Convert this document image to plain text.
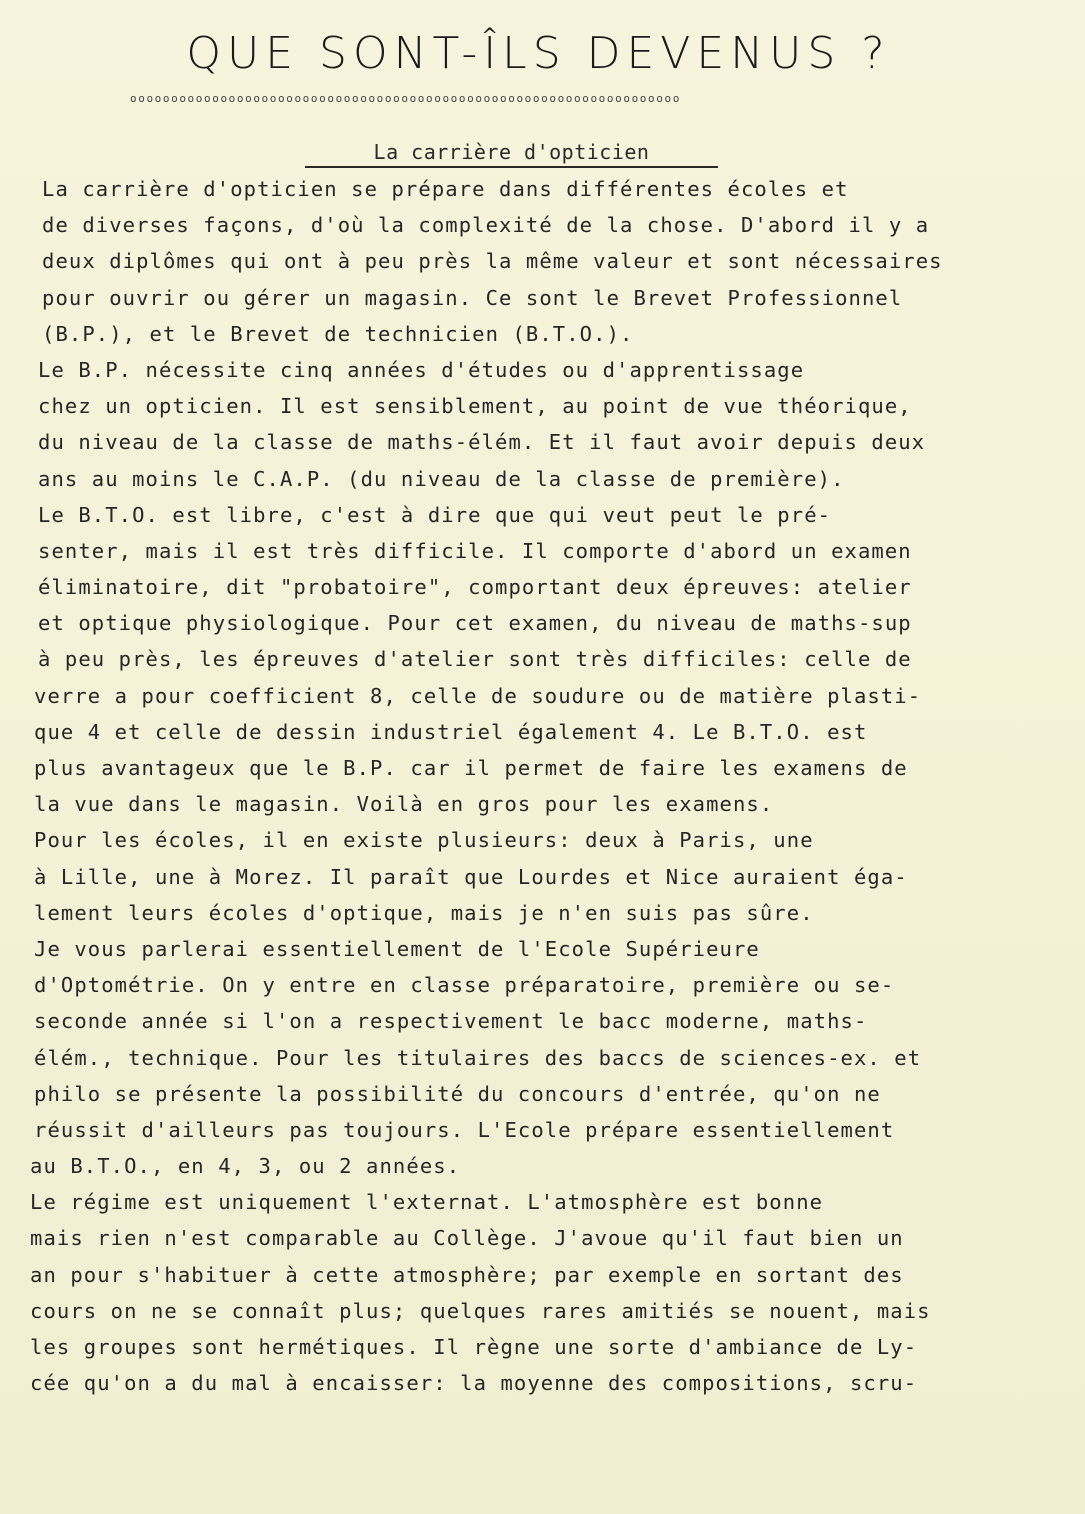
QUE SONT-ÎLS DEVENUS ?
ooooooooooooooooooooooooooooooooooooooooooooooooooooooooooooooooooo
La carrière d'opticien
La carrière d'opticien se prépare dans différentes écoles et
de diverses façons, d'où la complexité de la chose. D'abord il y a
deux diplômes qui ont à peu près la même valeur et sont nécessaires
pour ouvrir ou gérer un magasin. Ce sont le Brevet Professionnel
(B.P.), et le Brevet de technicien (B.T.O.).
Le B.P. nécessite cinq années d'études ou d'apprentissage
chez un opticien. Il est sensiblement, au point de vue théorique,
du niveau de la classe de maths-élém. Et il faut avoir depuis deux
ans au moins le C.A.P. (du niveau de la classe de première).
Le B.T.O. est libre, c'est à dire que qui veut peut le pré-
senter, mais il est très difficile. Il comporte d'abord un examen
éliminatoire, dit "probatoire", comportant deux épreuves: atelier
et optique physiologique. Pour cet examen, du niveau de maths-sup
à peu près, les épreuves d'atelier sont très difficiles: celle de
verre a pour coefficient 8, celle de soudure ou de matière plasti-
que 4 et celle de dessin industriel également 4. Le B.T.O. est
plus avantageux que le B.P. car il permet de faire les examens de
la vue dans le magasin. Voilà en gros pour les examens.
Pour les écoles, il en existe plusieurs: deux à Paris, une
à Lille, une à Morez. Il paraît que Lourdes et Nice auraient éga-
lement leurs écoles d'optique, mais je n'en suis pas sûre.
Je vous parlerai essentiellement de l'Ecole Supérieure
d'Optométrie. On y entre en classe préparatoire, première ou se-
seconde année si l'on a respectivement le bacc moderne, maths-
élém., technique. Pour les titulaires des baccs de sciences-ex. et
philo se présente la possibilité du concours d'entrée, qu'on ne
réussit d'ailleurs pas toujours. L'Ecole prépare essentiellement
au B.T.O., en 4, 3, ou 2 années.
Le régime est uniquement l'externat. L'atmosphère est bonne
mais rien n'est comparable au Collège. J'avoue qu'il faut bien un
an pour s'habituer à cette atmosphère; par exemple en sortant des
cours on ne se connaît plus; quelques rares amitiés se nouent, mais
les groupes sont hermétiques. Il règne une sorte d'ambiance de Ly-
cée qu'on a du mal à encaisser: la moyenne des compositions, scru-
